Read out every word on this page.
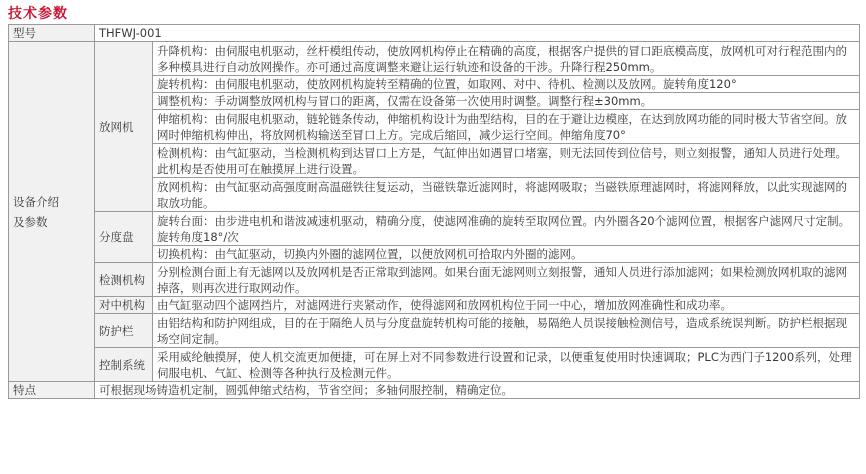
技术参数
型号	THFWJ-001	
设备介绍
及参数	放网机	升降机构：由伺服电机驱动，丝杆模组传动，使放网机构停止在精确的高度，根据客户提供的冒口距底模高度，放网机可对行程范围内的多种模具进行自动放网操作。亦可通过高度调整来避让运行轨迹和设备的干涉。升降行程250mm。
		旋转机构：由伺服电机驱动，使放网机构旋转至精确的位置，如取网、对中、待机、检测以及放网。旋转角度120°
		调整机构：手动调整放网机构与冒口的距离，仅需在设备第一次使用时调整。调整行程±30mm。
		伸缩机构：由伺服电机驱动，链轮链条传动，伸缩机构设计为曲型结构，目的在于避让边模座，在达到放网功能的同时极大节省空间。放网时伸缩机构伸出，将放网机构输送至冒口上方。完成后缩回，减少运行空间。伸缩角度70°
		检测机构：由气缸驱动，当检测机构到达冒口上方是，气缸伸出如遇冒口堵塞，则无法回传到位信号，则立刻报警，通知人员进行处理。此机构是否使用可在触摸屏上进行设置。
		放网机构：由气缸驱动高强度耐高温磁铁往复运动，当磁铁靠近滤网时，将滤网吸取；当磁铁原理滤网时，将滤网释放，以此实现滤网的取放功能。
	分度盘	旋转台面：由步进电机和谐波减速机驱动，精确分度，使滤网准确的旋转至取网位置。内外圈各20个滤网位置，根据客户滤网尺寸定制。旋转角度18°/次
		切换机构：由气缸驱动，切换内外圈的滤网位置，以便放网机可拾取内外圈的滤网。
	检测机构	分别检测台面上有无滤网以及放网机是否正常取到滤网。如果台面无滤网则立刻报警，通知人员进行添加滤网；如果检测放网机取的滤网掉落，则再次进行取网动作。
	对中机构	由气缸驱动四个滤网挡片，对滤网进行夹紧动作，使得滤网和放网机构位于同一中心，增加放网准确性和成功率。
	防护栏	由铝结构和防护网组成，目的在于隔绝人员与分度盘旋转机构可能的接触，易隔绝人员误接触检测信号，造成系统误判断。防护栏根据现场空间定制。
	控制系统	采用威纶触摸屏，使人机交流更加便捷，可在屏上对不同参数进行设置和记录，以便重复使用时快速调取；PLC为西门子1200系列，处理伺服电机、气缸、检测等各种执行及检测元件。
特点	可根据现场铸造机定制，圆弧伸缩式结构，节省空间；多轴伺服控制，精确定位。	
